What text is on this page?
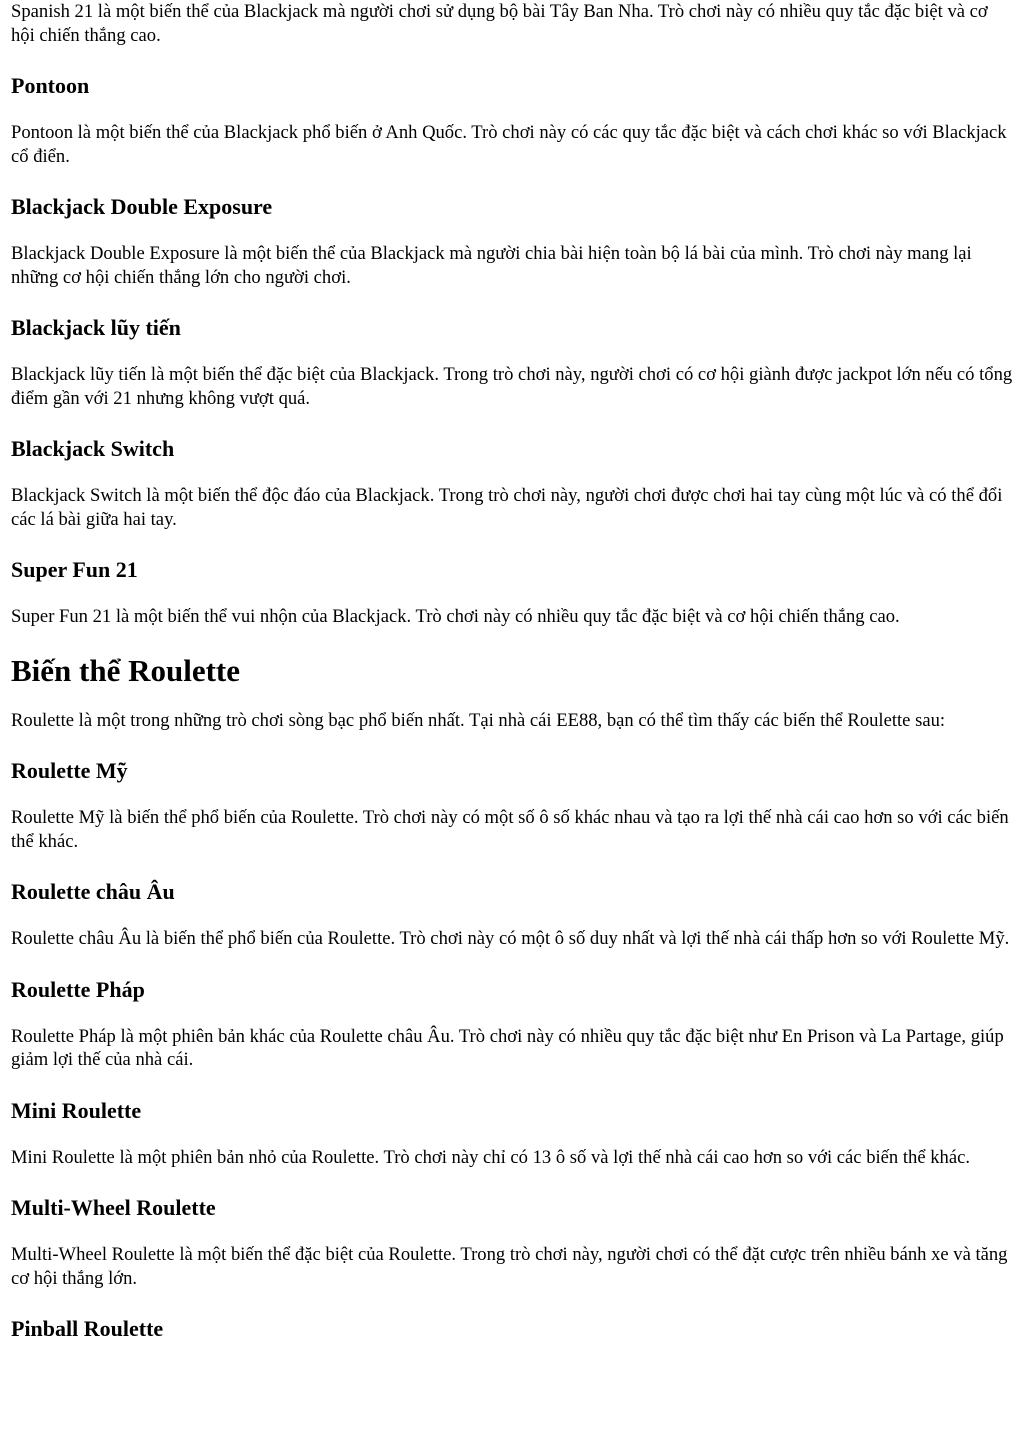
Spanish 21 là một biến thể của Blackjack mà người chơi sử dụng bộ bài Tây Ban Nha. Trò chơi này có nhiều quy tắc đặc biệt và cơ hội chiến thắng cao.

Pontoon

Pontoon là một biến thể của Blackjack phổ biến ở Anh Quốc. Trò chơi này có các quy tắc đặc biệt và cách chơi khác so với Blackjack cổ điển.

Blackjack Double Exposure

Blackjack Double Exposure là một biến thể của Blackjack mà người chia bài hiện toàn bộ lá bài của mình. Trò chơi này mang lại những cơ hội chiến thắng lớn cho người chơi.

Blackjack lũy tiến

Blackjack lũy tiến là một biến thể đặc biệt của Blackjack. Trong trò chơi này, người chơi có cơ hội giành được jackpot lớn nếu có tổng điểm gần với 21 nhưng không vượt quá.

Blackjack Switch

Blackjack Switch là một biến thể độc đáo của Blackjack. Trong trò chơi này, người chơi được chơi hai tay cùng một lúc và có thể đổi các lá bài giữa hai tay.

Super Fun 21

Super Fun 21 là một biến thể vui nhộn của Blackjack. Trò chơi này có nhiều quy tắc đặc biệt và cơ hội chiến thắng cao.

Biến thể Roulette

Roulette là một trong những trò chơi sòng bạc phổ biến nhất. Tại nhà cái EE88, bạn có thể tìm thấy các biến thể Roulette sau:

Roulette Mỹ

Roulette Mỹ là biến thể phổ biến của Roulette. Trò chơi này có một số ô số khác nhau và tạo ra lợi thế nhà cái cao hơn so với các biến thể khác.

Roulette châu Âu

Roulette châu Âu là biến thể phổ biến của Roulette. Trò chơi này có một ô số duy nhất và lợi thế nhà cái thấp hơn so với Roulette Mỹ.

Roulette Pháp

Roulette Pháp là một phiên bản khác của Roulette châu Âu. Trò chơi này có nhiều quy tắc đặc biệt như En Prison và La Partage, giúp giảm lợi thế của nhà cái.

Mini Roulette

Mini Roulette là một phiên bản nhỏ của Roulette. Trò chơi này chỉ có 13 ô số và lợi thế nhà cái cao hơn so với các biến thể khác.

Multi-Wheel Roulette

Multi-Wheel Roulette là một biến thể đặc biệt của Roulette. Trong trò chơi này, người chơi có thể đặt cược trên nhiều bánh xe và tăng cơ hội thắng lớn.

Pinball Roulette
